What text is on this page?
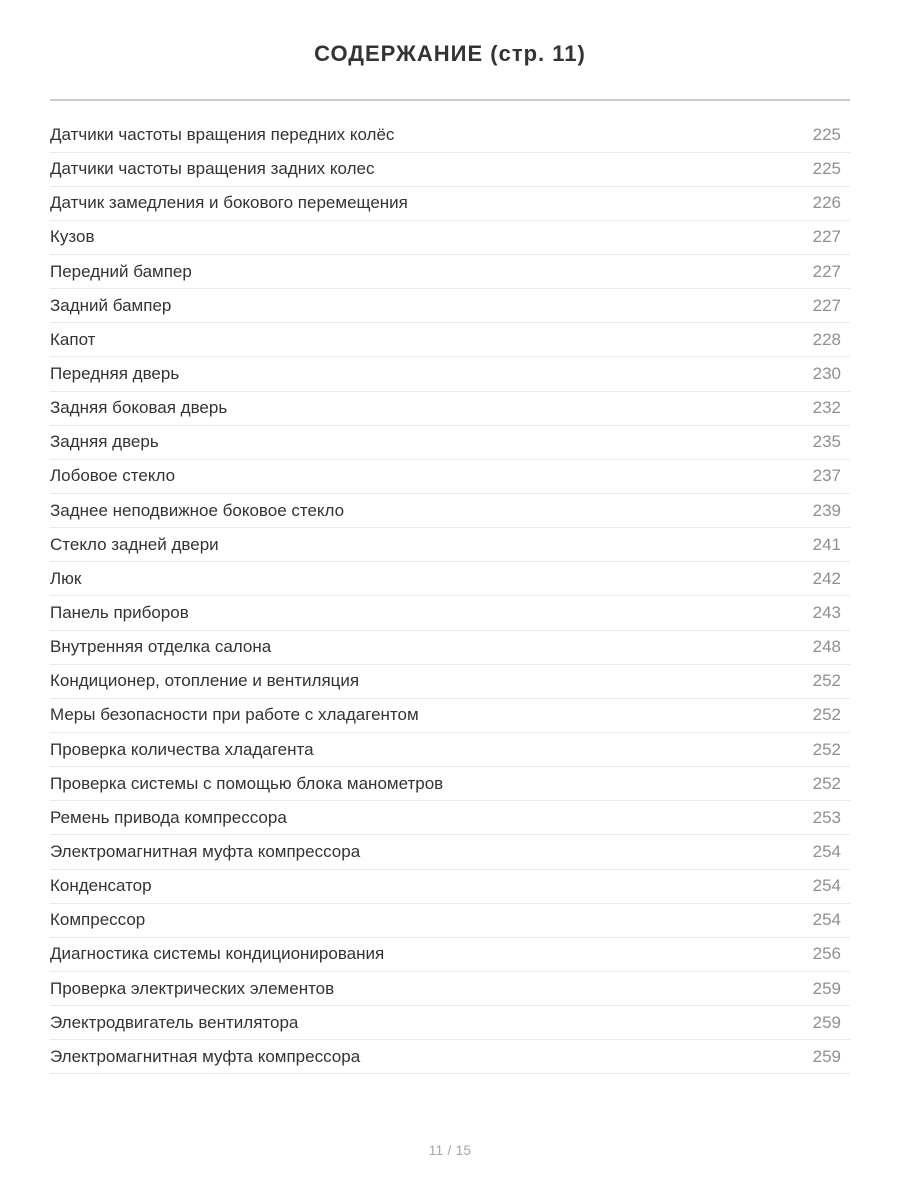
СОДЕРЖАНИЕ (стр. 11)
Датчики частоты вращения передних колёс	225
Датчики частоты вращения задних колес	225
Датчик замедления и бокового перемещения	226
Кузов	227
Передний бампер	227
Задний бампер	227
Капот	228
Передняя дверь	230
Задняя боковая дверь	232
Задняя дверь	235
Лобовое стекло	237
Заднее неподвижное боковое стекло	239
Стекло задней двери	241
Люк	242
Панель приборов	243
Внутренняя отделка салона	248
Кондиционер, отопление и вентиляция	252
Меры безопасности при работе с хладагентом	252
Проверка количества хладагента	252
Проверка системы с помощью блока манометров	252
Ремень привода компрессора	253
Электромагнитная муфта компрессора	254
Конденсатор	254
Компрессор	254
Диагностика системы кондиционирования	256
Проверка электрических элементов	259
Электродвигатель вентилятора	259
Электромагнитная муфта компрессора	259
11 / 15
